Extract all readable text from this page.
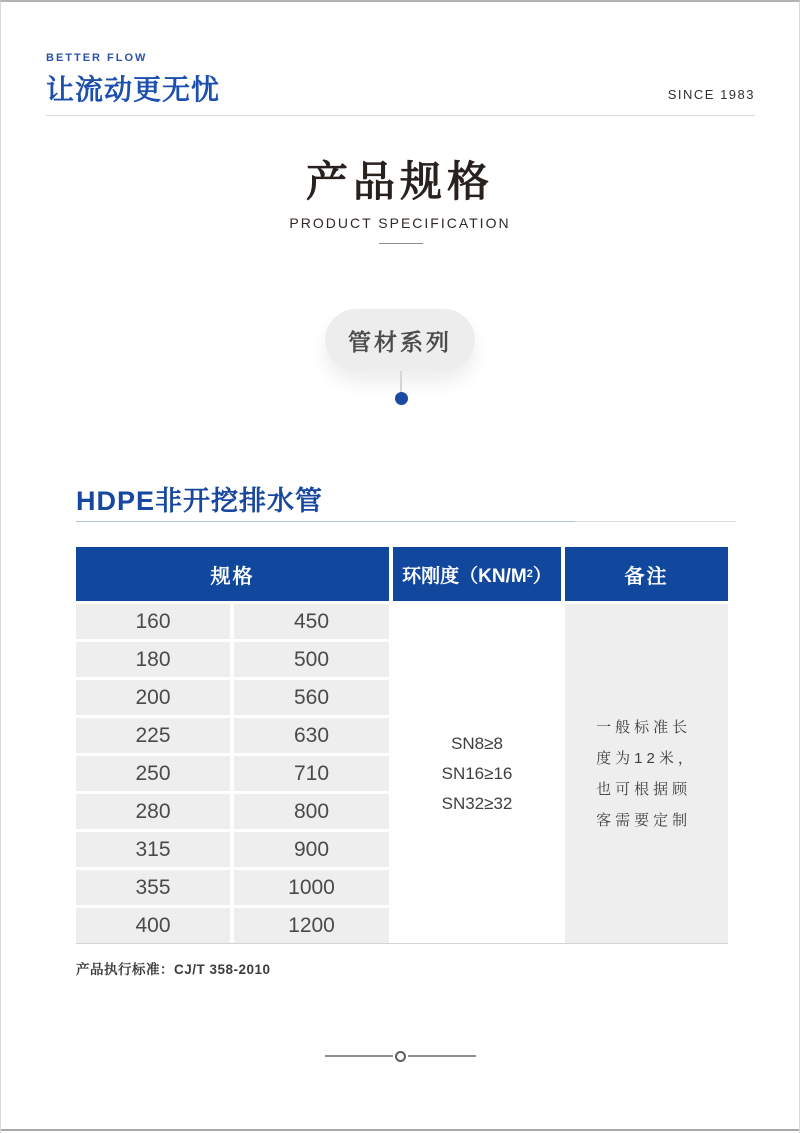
BETTER FLOW
让流动更无忧	SINCE 1983
产品规格
PRODUCT SPECIFICATION
管材系列
HDPE非开挖排水管
规格	环刚度（KN/M 2 ）	备注
160	450
180	500
200	560
225	630
250	710
280	800
315	900
355	1000
400	1200
SN8≥8
SN16≥16
SN32≥32
一般标准长
度为12米，
也可根据顾
客需要定制
产品执行标准：CJ/T 358-2010
